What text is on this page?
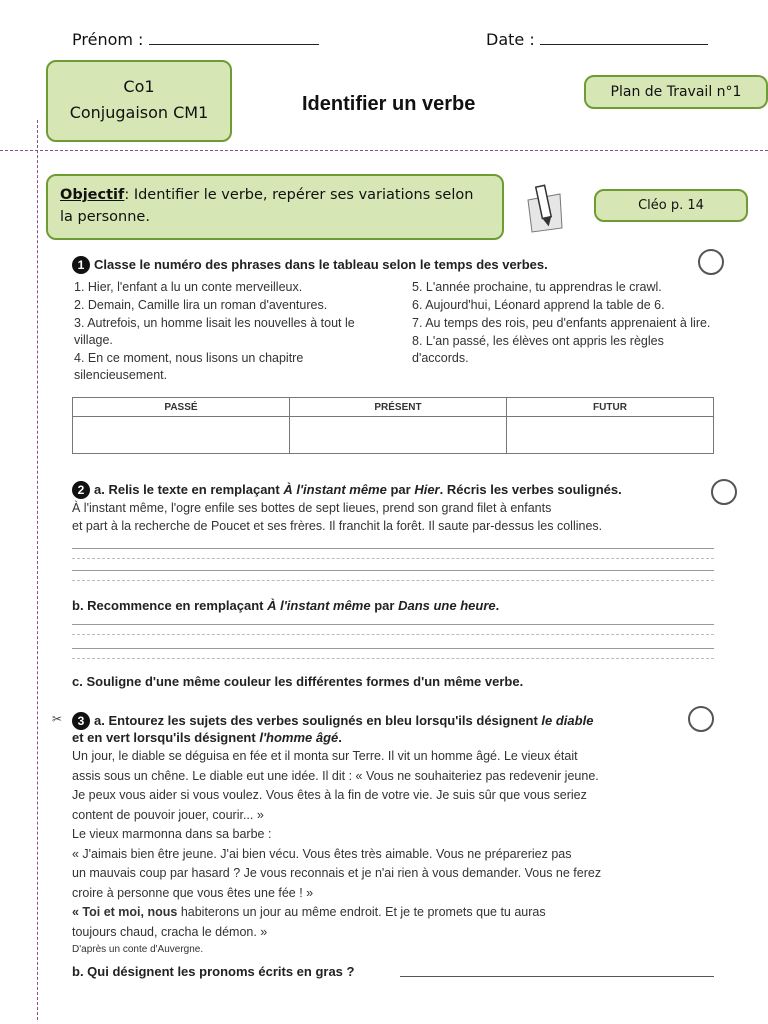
Prénom :	Date :
Co1
Conjugaison CM1	Identifier un verbe
Plan de Travail n°1
Objectif: Identifier le verbe, repérer ses variations selon la personne.
Cléo p. 14
1 Classe le numéro des phrases dans le tableau selon le temps des verbes.
1. Hier, l'enfant a lu un conte merveilleux.
2. Demain, Camille lira un roman d'aventures.
3. Autrefois, un homme lisait les nouvelles à tout le village.
4. En ce moment, nous lisons un chapitre silencieusement.
5. L'année prochaine, tu apprendras le crawl.
6. Aujourd'hui, Léonard apprend la table de 6.
7. Au temps des rois, peu d'enfants apprenaient à lire.
8. L'an passé, les élèves ont appris les règles d'accords.
PASSÉ	PRÉSENT	FUTUR

2 a. Relis le texte en remplaçant À l'instant même par Hier. Récris les verbes soulignés.
À l'instant même, l'ogre enfile ses bottes de sept lieues, prend son grand filet à enfants
et part à la recherche de Poucet et ses frères. Il franchit la forêt. Il saute par-dessus les collines.
b. Recommence en remplaçant À l'instant même par Dans une heure.
c. Souligne d'une même couleur les différentes formes d'un même verbe.
✂	3 a. Entourez les sujets des verbes soulignés en bleu lorsqu'ils désignent le diable
et en vert lorsqu'ils désignent l'homme âgé.
Un jour, le diable se déguisa en fée et il monta sur Terre. Il vit un homme âgé. Le vieux était
assis sous un chêne. Le diable eut une idée. Il dit : « Vous ne souhaiteriez pas redevenir jeune.
Je peux vous aider si vous voulez. Vous êtes à la fin de votre vie. Je suis sûr que vous seriez
content de pouvoir jouer, courir... »
Le vieux marmonna dans sa barbe :
« J'aimais bien être jeune. J'ai bien vécu. Vous êtes très aimable. Vous ne prépareriez pas
un mauvais coup par hasard ? Je vous reconnais et je n'ai rien à vous demander. Vous ne ferez
croire à personne que vous êtes une fée ! »
« Toi et moi, nous habiterons un jour au même endroit. Et je te promets que tu auras
toujours chaud, cracha le démon. »
D'après un conte d'Auvergne.
b. Qui désignent les pronoms écrits en gras ?
